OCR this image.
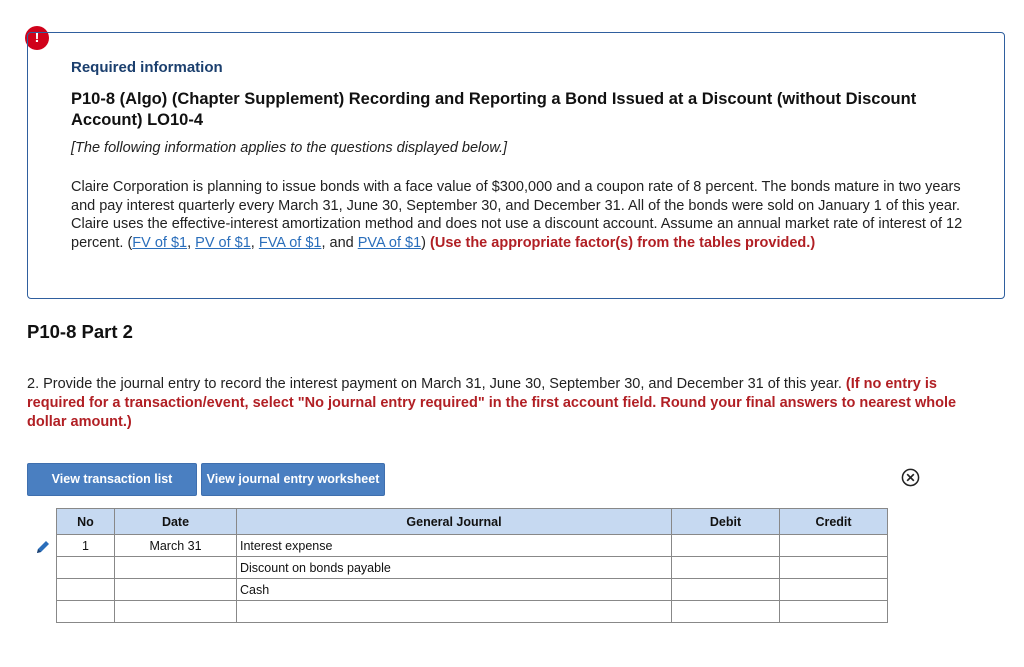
!
Required information
P10-8 (Algo) (Chapter Supplement) Recording and Reporting a Bond Issued at a Discount (without Discount Account) LO10-4
[The following information applies to the questions displayed below.]
Claire Corporation is planning to issue bonds with a face value of $300,000 and a coupon rate of 8 percent. The bonds mature in two years and pay interest quarterly every March 31, June 30, September 30, and December 31. All of the bonds were sold on January 1 of this year. Claire uses the effective-interest amortization method and does not use a discount account. Assume an annual market rate of interest of 12 percent. (FV of $1, PV of $1, FVA of $1, and PVA of $1) (Use the appropriate factor(s) from the tables provided.)
P10-8 Part 2
2. Provide the journal entry to record the interest payment on March 31, June 30, September 30, and December 31 of this year. (If no entry is required for a transaction/event, select "No journal entry required" in the first account field. Round your final answers to nearest whole dollar amount.)
View transaction list	View journal entry worksheet
No	Date	General Journal	Debit	Credit
1	March 31	Interest expense		
		Discount on bonds payable		
		Cash		
